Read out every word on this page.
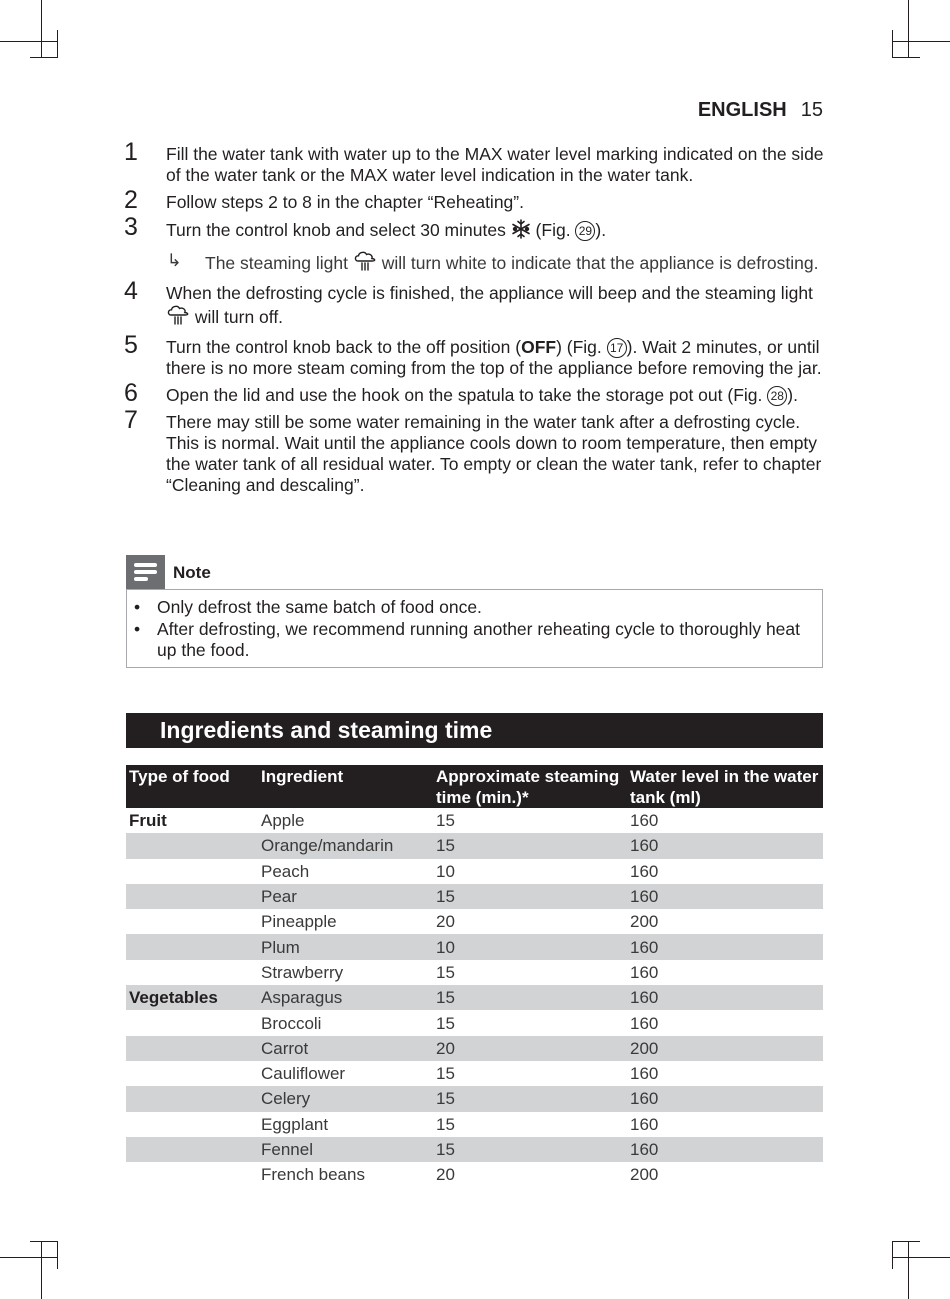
ENGLISH 15
1 Fill the water tank with water up to the MAX water level marking indicated on the side of the water tank or the MAX water level indication in the water tank.
2 Follow steps 2 to 8 in the chapter “Reheating”.
3 Turn the control knob and select 30 minutes  (Fig. 29 ).
↳ The steaming light  will turn white to indicate that the appliance is defrosting.
4 When the defrosting cycle is finished, the appliance will beep and the steaming light  will turn off.
5 Turn the control knob back to the off position (OFF) (Fig. 17 ). Wait 2 minutes, or until there is no more steam coming from the top of the appliance before removing the jar.
6 Open the lid and use the hook on the spatula to take the storage pot out (Fig. 28 ).
7 There may still be some water remaining in the water tank after a defrosting cycle. This is normal. Wait until the appliance cools down to room temperature, then empty the water tank of all residual water. To empty or clean the water tank, refer to chapter “Cleaning and descaling”.
Note
• Only defrost the same batch of food once.
• After defrosting, we recommend running another reheating cycle to thoroughly heat up the food.
Ingredients and steaming time
Type of food	Ingredient	Approximate steaming time (min.)*	Water level in the water tank (ml)
Fruit	Apple	15	160
	Orange/mandarin	15	160
	Peach	10	160
	Pear	15	160
	Pineapple	20	200
	Plum	10	160
	Strawberry	15	160
Vegetables	Asparagus	15	160
	Broccoli	15	160
	Carrot	20	200
	Cauliflower	15	160
	Celery	15	160
	Eggplant	15	160
	Fennel	15	160
	French beans	20	200
